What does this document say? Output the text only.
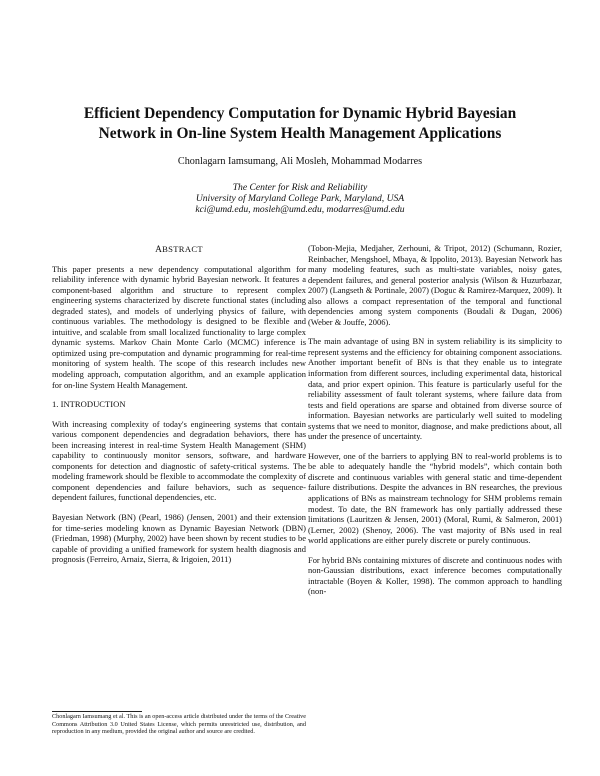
Efficient Dependency Computation for Dynamic Hybrid Bayesian
Network in On-line System Health Management Applications
Chonlagarn Iamsumang, Ali Mosleh, Mohammad Modarres
The Center for Risk and Reliability
University of Maryland College Park, Maryland, USA
kci@umd.edu, mosleh@umd.edu, modarres@umd.edu
ABSTRACT

This paper presents a new dependency computational algorithm for reliability inference with dynamic hybrid Bayesian network. It features a component-based algorithm and structure to represent complex engineering systems characterized by discrete functional states (including degraded states), and models of underlying physics of failure, with continuous variables. The methodology is designed to be flexible and intuitive, and scalable from small localized functionality to large complex dynamic systems. Markov Chain Monte Carlo (MCMC) inference is optimized using pre-computation and dynamic programming for real-time monitoring of system health. The scope of this research includes new modeling approach, computation algorithm, and an example application for on-line System Health Management.

1. INTRODUCTION

With increasing complexity of today's engineering systems that contain various component dependencies and degradation behaviors, there has been increasing interest in real-time System Health Management (SHM) capability to continuously monitor sensors, software, and hardware components for detection and diagnostic of safety-critical systems. The modeling framework should be flexible to accommodate the complexity of component dependencies and failure behaviors, such as sequence-dependent failures, functional dependencies, etc.

Bayesian Network (BN) (Pearl, 1986) (Jensen, 2001) and their extension for time-series modeling known as Dynamic Bayesian Network (DBN) (Friedman, 1998) (Murphy, 2002) have been shown by recent studies to be capable of providing a unified framework for system health diagnosis and prognosis (Ferreiro, Arnaiz, Sierra, & Irigoien, 2011)

Chonlagarn Iamsumang et al. This is an open-access article distributed under the terms of the Creative Commons Attribution 3.0 United States License, which permits unrestricted use, distribution, and reproduction in any medium, provided the original author and source are credited.

(Tobon-Mejia, Medjaher, Zerhouni, & Tripot, 2012) (Schumann, Rozier, Reinbacher, Mengshoel, Mbaya, & Ippolito, 2013). Bayesian Network has many modeling features, such as multi-state variables, noisy gates, dependent failures, and general posterior analysis (Wilson & Huzurbazar, 2007) (Langseth & Portinale, 2007) (Doguc & Ramirez-Marquez, 2009). It also allows a compact representation of the temporal and functional dependencies among system components (Boudali & Dugan, 2006) (Weber & Jouffe, 2006).

The main advantage of using BN in system reliability is its simplicity to represent systems and the efficiency for obtaining component associations. Another important benefit of BNs is that they enable us to integrate information from different sources, including experimental data, historical data, and prior expert opinion. This feature is particularly useful for the reliability assessment of fault tolerant systems, where failure data from tests and field operations are sparse and obtained from diverse source of information. Bayesian networks are particularly well suited to modeling systems that we need to monitor, diagnose, and make predictions about, all under the presence of uncertainty.

However, one of the barriers to applying BN to real-world problems is to be able to adequately handle the “hybrid models”, which contain both discrete and continuous variables with general static and time-dependent failure distributions. Despite the advances in BN researches, the previous applications of BNs as mainstream technology for SHM problems remain modest. To date, the BN framework has only partially addressed these limitations (Lauritzen & Jensen, 2001) (Moral, Rumi, & Salmeron, 2001) (Lerner, 2002) (Shenoy, 2006). The vast majority of BNs used in real world applications are either purely discrete or purely continuous.

For hybrid BNs containing mixtures of discrete and continuous nodes with non-Gaussian distributions, exact inference becomes computationally intractable (Boyen & Koller, 1998). The common approach to handling (non-
